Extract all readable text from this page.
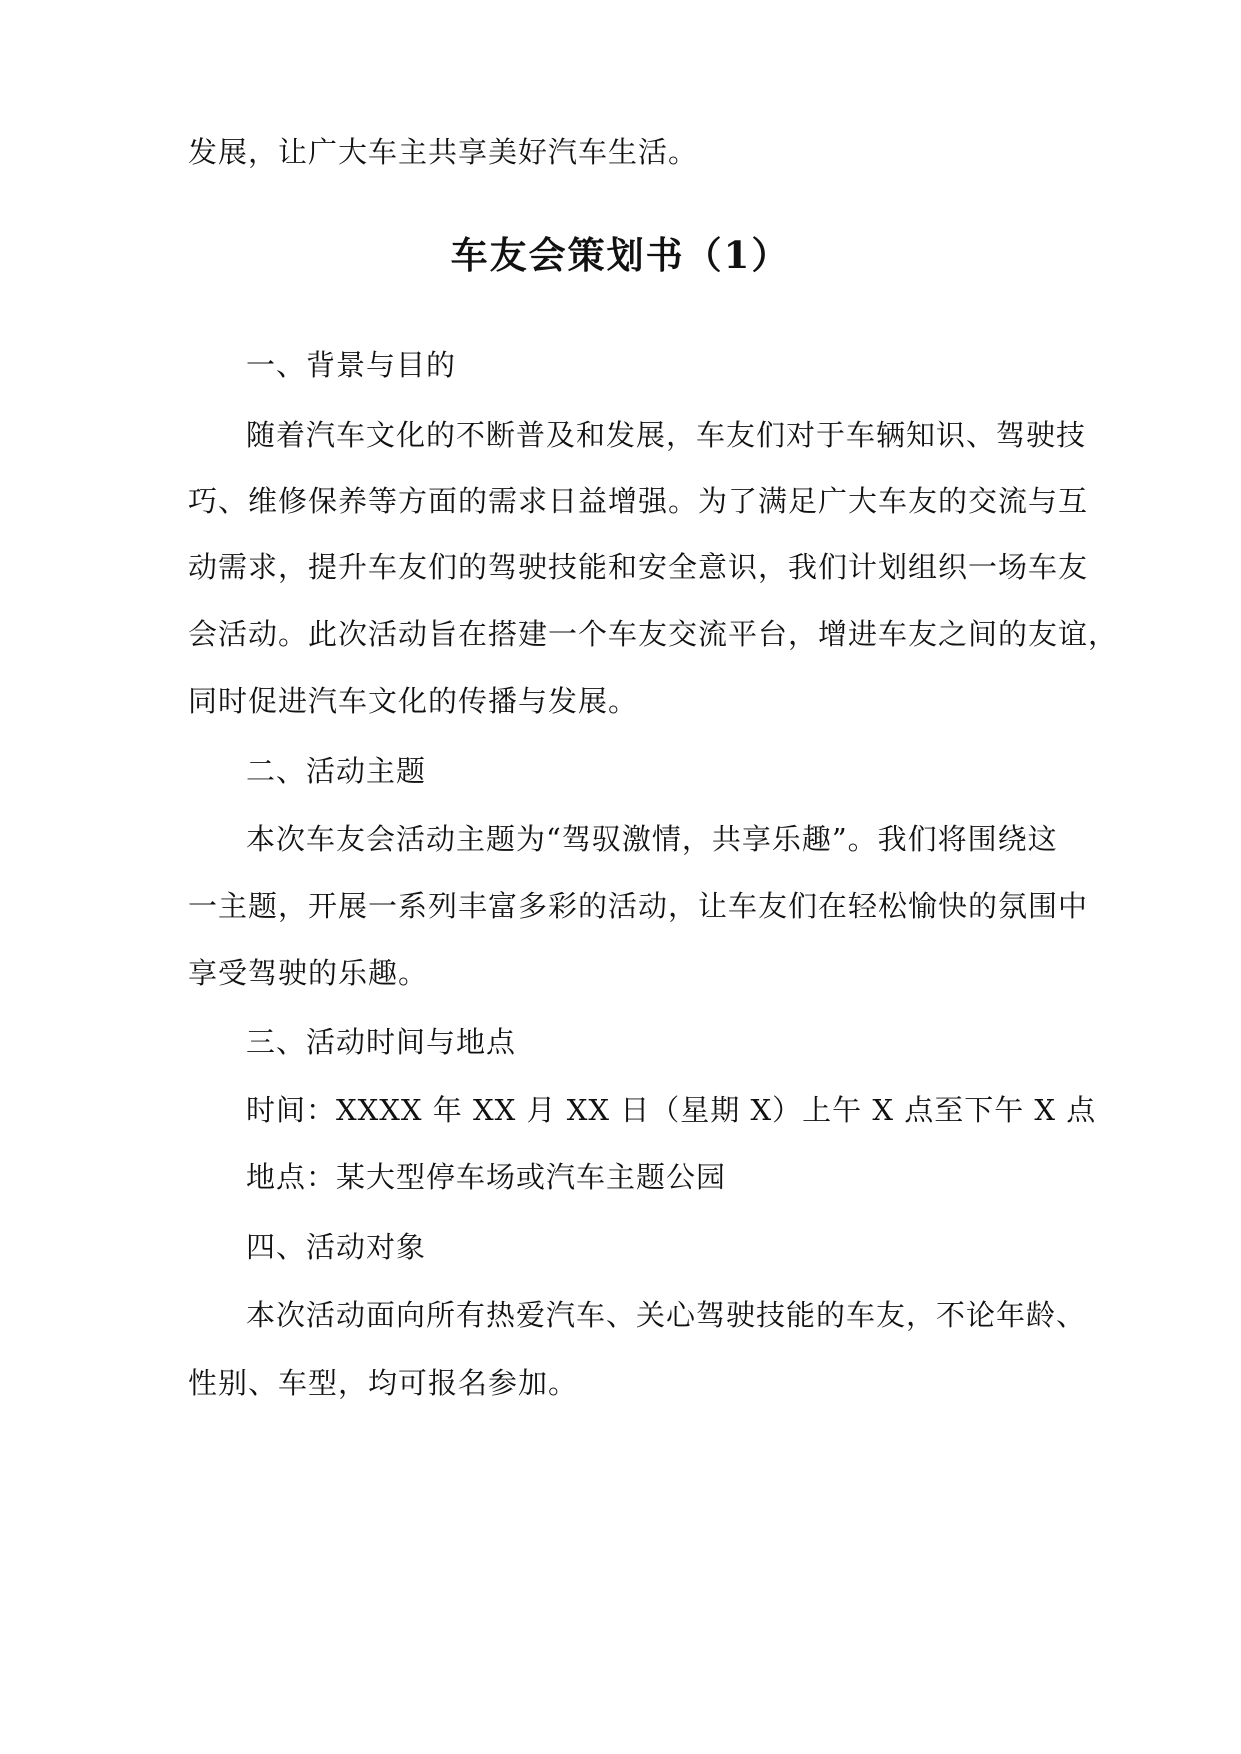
发展，让广大车主共享美好汽车生活。
车友会策划书（1）
一、背景与目的
随着汽车文化的不断普及和发展，车友们对于车辆知识、驾驶技
巧、维修保养等方面的需求日益增强。为了满足广大车友的交流与互
动需求，提升车友们的驾驶技能和安全意识，我们计划组织一场车友
会活动。此次活动旨在搭建一个车友交流平台，增进车友之间的友谊，
同时促进汽车文化的传播与发展。
二、活动主题
本次车友会活动主题为“驾驭激情，共享乐趣”。我们将围绕这
一主题，开展一系列丰富多彩的活动，让车友们在轻松愉快的氛围中
享受驾驶的乐趣。
三、活动时间与地点
时间：XXXX 年 XX 月 XX 日（星期 X）上午 X 点至下午 X 点
地点：某大型停车场或汽车主题公园
四、活动对象
本次活动面向所有热爱汽车、关心驾驶技能的车友，不论年龄、
性别、车型，均可报名参加。
